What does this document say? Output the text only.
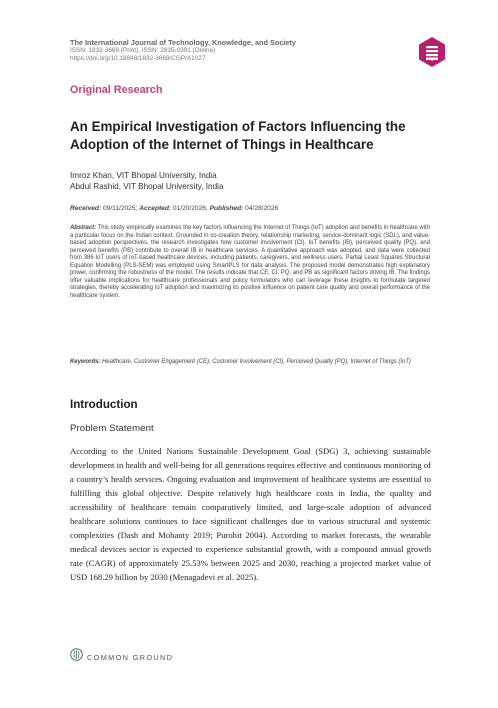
The International Journal of Technology, Knowledge, and Society
ISSN: 1832-3669 (Print), ISSN: 2835-0391 (Online)
https://doi.org/10.18848/1832-3669/CGP/A1027
Original Research
An Empirical Investigation of Factors Influencing the Adoption of the Internet of Things in Healthcare
Imroz Khan, VIT Bhopal University, India
Abdul Rashid, VIT Bhopal University, India
Received: 09/11/2025; Accepted: 01/20/2026; Published: 04/28/2026
Abstract: This study empirically examines the key factors influencing the Internet of Things (IoT) adoption and benefits in healthcare with a particular focus on the Indian context. Grounded in co-creation theory, relationship marketing, service-dominant logic (SDL), and value-based adoption perspectives, the research investigates how customer involvement (CI), IoT benefits (IB), perceived quality (PQ), and perceived benefits (PB) contribute to overall IB in healthcare services. A quantitative approach was adopted, and data were collected from 386 IoT users of IoT-based healthcare devices, including patients, caregivers, and wellness users. Partial Least Squares Structural Equation Modelling (PLS-SEM) was employed using SmartPLS for data analysis. The proposed model demonstrates high explanatory power, confirming the robustness of the model. The results indicate that CE, CI, PQ, and PB as significant factors driving IB. The findings offer valuable implications for healthcare professionals and policy formulators who can leverage these insights to formulate targeted strategies, thereby accelerating IoT adoption and maximizing its positive influence on patient care quality and overall performance of the healthcare system.
Keywords: Healthcare, Customer Engagement (CE), Customer Involvement (CI), Perceived Quality (PQ), Internet of Things (IoT)
Introduction
Problem Statement
According to the United Nations Sustainable Development Goal (SDG) 3, achieving sustainable development in health and well-being for all generations requires effective and continuous monitoring of a country’s health services. Ongoing evaluation and improvement of healthcare systems are essential to fulfilling this global objective. Despite relatively high healthcare costs in India, the quality and accessibility of healthcare remain comparatively limited, and large-scale adoption of advanced healthcare solutions continues to face significant challenges due to various structural and systemic complexities (Dash and Mohanty 2019; Purohit 2004). According to market forecasts, the wearable medical devices sector is expected to experience substantial growth, with a compound annual growth rate (CAGR) of approximately 25.53% between 2025 and 2030, reaching a projected market value of USD 168.29 billion by 2030 (Menagadevi et al. 2025).
COMMON GROUND
